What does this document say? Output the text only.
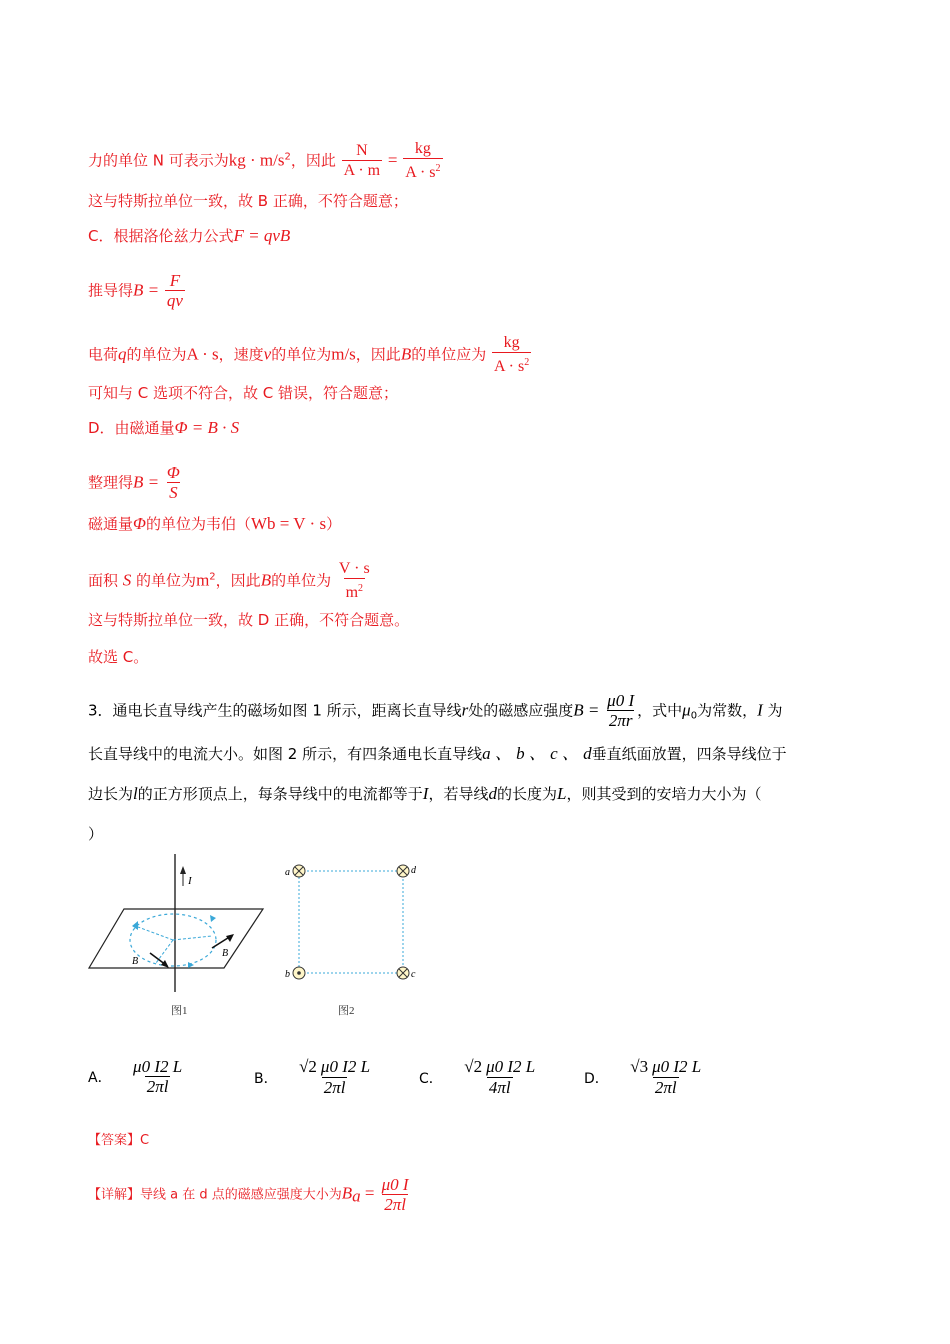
力的单位 N 可表示为kg · $m/s^2$，因此 $\frac{N}{A \cdot m} = \frac{kg}{A \cdot s^2}$
这与特斯拉单位一致，故 B 正确，不符合题意；
C．根据洛伦兹力公式F = qvB
推导得$B = \frac{F}{qv}$
电荷q的单位为A · s，速度v的单位为m/s，因此B的单位应为 $\frac{kg}{A \cdot s^2}$
可知与 C 选项不符合，故 C 错误，符合题意；
D．由磁通量Φ = B · S
整理得$B = \frac{\Phi}{S}$
磁通量Φ的单位为韦伯（Wb = V · s）
面积 S 的单位为$m^2$，因此B的单位为 $\frac{V \cdot s}{m^2}$
这与特斯拉单位一致，故 D 正确，不符合题意。
故选 C。
3．通电长直导线产生的磁场如图 1 所示，距离长直导线r处的磁感应强度$B = \frac{\mu 0 I}{2\pi r}$ ，式中$\mu_0$为常数，I 为
长直导线中的电流大小。如图 2 所示，有四条通电长直导线a 、 b 、 c 、 d垂直纸面放置，四条导线位于
边长为l的正方形顶点上，每条导线中的电流都等于I，若导线d的长度为L，则其受到的安培力大小为（
）
I
B
B
图1
a	d
b	c
图2
A． $\frac{\mu 0 I2 L}{2\pi l}$	B． $\frac{√2 \mu 0 I2 L}{2\pi l}$	C． $\frac{√2 \mu 0 I2 L}{4\pi l}$	D． $\frac{√3 \mu 0 I2 L}{2\pi l}$
【答案】C
【详解】导线 a 在 d 点的磁感应强度大小为$B_a = \frac{\mu 0 I}{2\pi l}$
